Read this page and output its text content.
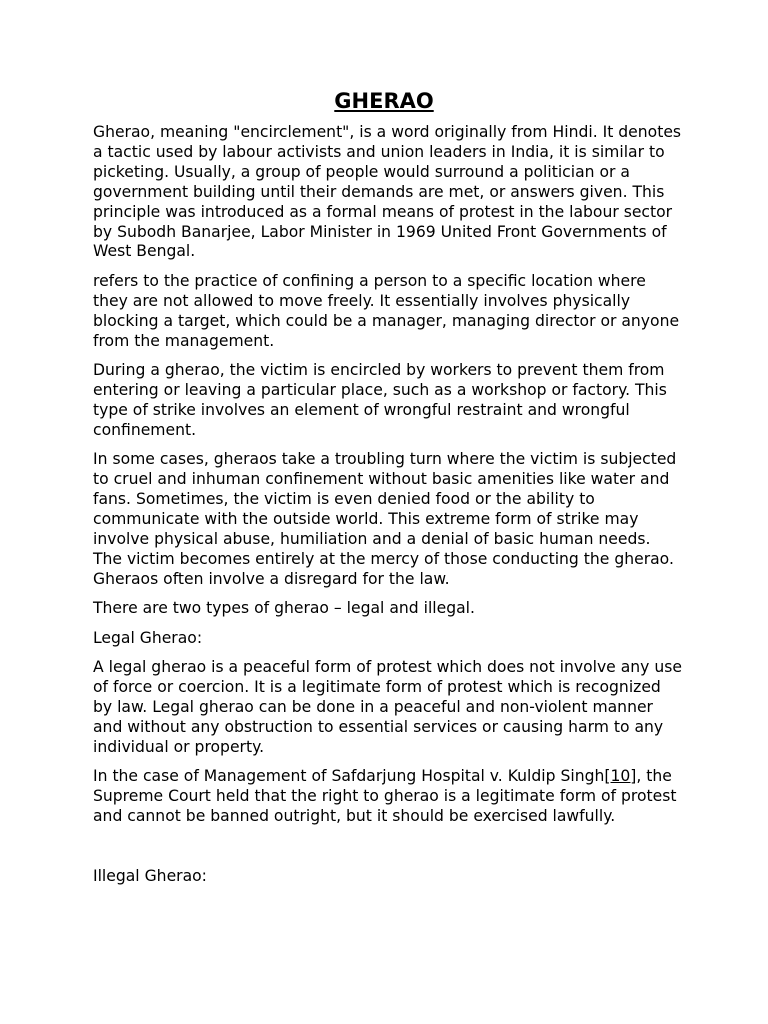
GHERAO

Gherao, meaning "encirclement", is a word originally from Hindi. It denotes a tactic used by labour activists and union leaders in India, it is similar to picketing. Usually, a group of people would surround a politician or a government building until their demands are met, or answers given. This principle was introduced as a formal means of protest in the labour sector by Subodh Banarjee, Labor Minister in 1969 United Front Governments of West Bengal.

refers to the practice of confining a person to a specific location where they are not allowed to move freely. It essentially involves physically blocking a target, which could be a manager, managing director or anyone from the management.

During a gherao, the victim is encircled by workers to prevent them from entering or leaving a particular place, such as a workshop or factory. This type of strike involves an element of wrongful restraint and wrongful confinement.

In some cases, gheraos take a troubling turn where the victim is subjected to cruel and inhuman confinement without basic amenities like water and fans. Sometimes, the victim is even denied food or the ability to communicate with the outside world. This extreme form of strike may involve physical abuse, humiliation and a denial of basic human needs. The victim becomes entirely at the mercy of those conducting the gherao. Gheraos often involve a disregard for the law.

There are two types of gherao – legal and illegal.

Legal Gherao:

A legal gherao is a peaceful form of protest which does not involve any use of force or coercion. It is a legitimate form of protest which is recognized by law. Legal gherao can be done in a peaceful and non-violent manner and without any obstruction to essential services or causing harm to any individual or property.

In the case of Management of Safdarjung Hospital v. Kuldip Singh[10], the Supreme Court held that the right to gherao is a legitimate form of protest and cannot be banned outright, but it should be exercised lawfully.

Illegal Gherao:
